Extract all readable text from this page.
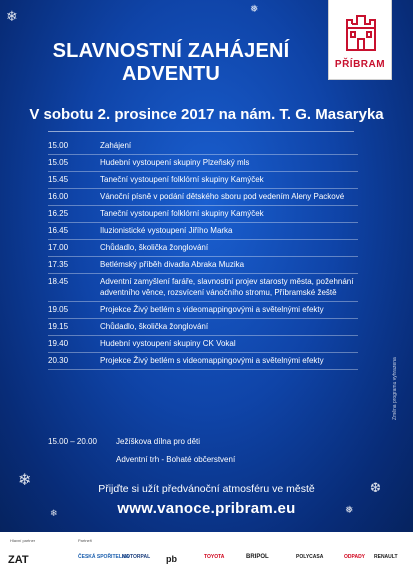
❄	❅
❄	❆
❅
❄
PŘÍBRAM
SLAVNOSTNÍ ZAHÁJENÍ
ADVENTU
V sobotu 2. prosince 2017 na nám. T. G. Masaryka
15.00	Zahájení
15.05	Hudební vystoupení skupiny Plzeňský mls
15.45	Taneční vystoupení folklórní skupiny Kamýček
16.00	Vánoční písně v podání dětského sboru pod vedením Aleny Packové
16.25	Taneční vystoupení folklórní skupiny Kamýček
16.45	Iluzionistické vystoupení Jiřího Marka
17.00	Chůdadlo, školička žonglování
17.35	Betlémský příběh divadla Abraka Muzika
18.45	Adventní zamyšlení faráře, slavnostní projev starosty města, požehnání adventního věnce, rozsvícení vánočního stromu, Příbramské žeště
19.05	Projekce Živý betlém s videomappingovými a světelnými efekty
19.15	Chůdadlo, školička žonglování
19.40	Hudební vystoupení skupiny CK Vokal
20.30	Projekce Živý betlém s videomappingovými a světelnými efekty
15.00 – 20.00	Ježíškova dílna pro děti
Adventní trh - Bohaté občerstvení
Přijďte si užít předvánoční atmosféru ve městě
www.vanoce.pribram.eu
Změna programu vyhrazena
Hlavní partner	Partneři
ZAT	ČESKÁ SPOŘITELNA
MOTORPAL pb	TOYOTA	BRIPOL	POLYCASA	ODPADY RENAULT
